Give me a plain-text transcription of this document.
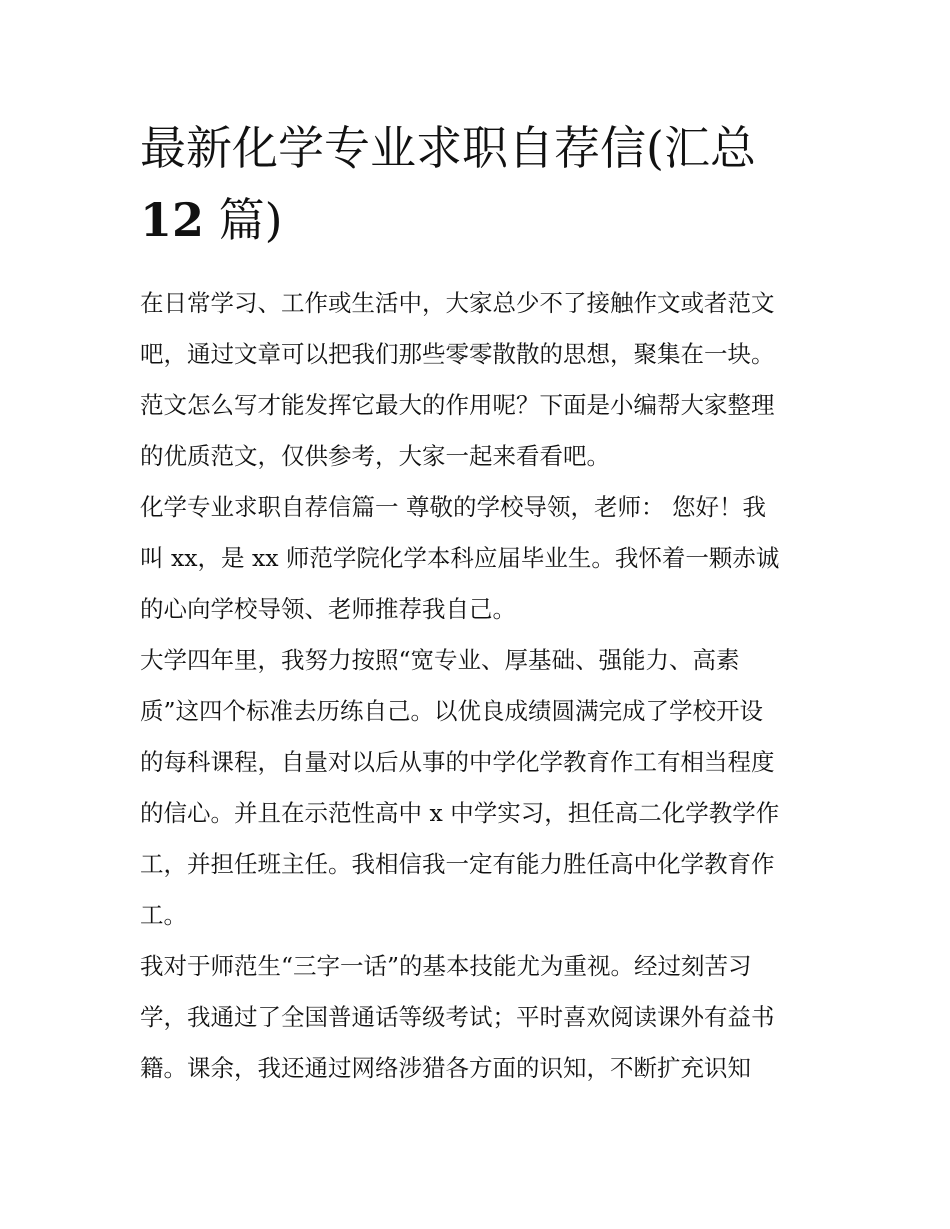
最新化学专业求职自荐信(汇总
12 篇)
在日常学习、工作或生活中，大家总少不了接触作文或者范文
吧，通过文章可以把我们那些零零散散的思想，聚集在一块。
范文怎么写才能发挥它最大的作用呢？下面是小编帮大家整理
的优质范文，仅供参考，大家一起来看看吧。
化学专业求职自荐信篇一 尊敬的学校导领，老师： 您好！我
叫 xx，是 xx 师范学院化学本科应届毕业生。我怀着一颗赤诚
的心向学校导领、老师推荐我自己。
大学四年里，我努力按照“宽专业、厚基础、强能力、高素
质”这四个标准去历练自己。以优良成绩圆满完成了学校开设
的每科课程，自量对以后从事的中学化学教育作工有相当程度
的信心。并且在示范性高中 x 中学实习，担任高二化学教学作
工，并担任班主任。我相信我一定有能力胜任高中化学教育作
工。
我对于师范生“三字一话”的基本技能尤为重视。经过刻苦习
学，我通过了全国普通话等级考试；平时喜欢阅读课外有益书
籍。课余，我还通过网络涉猎各方面的识知，不断扩充识知
